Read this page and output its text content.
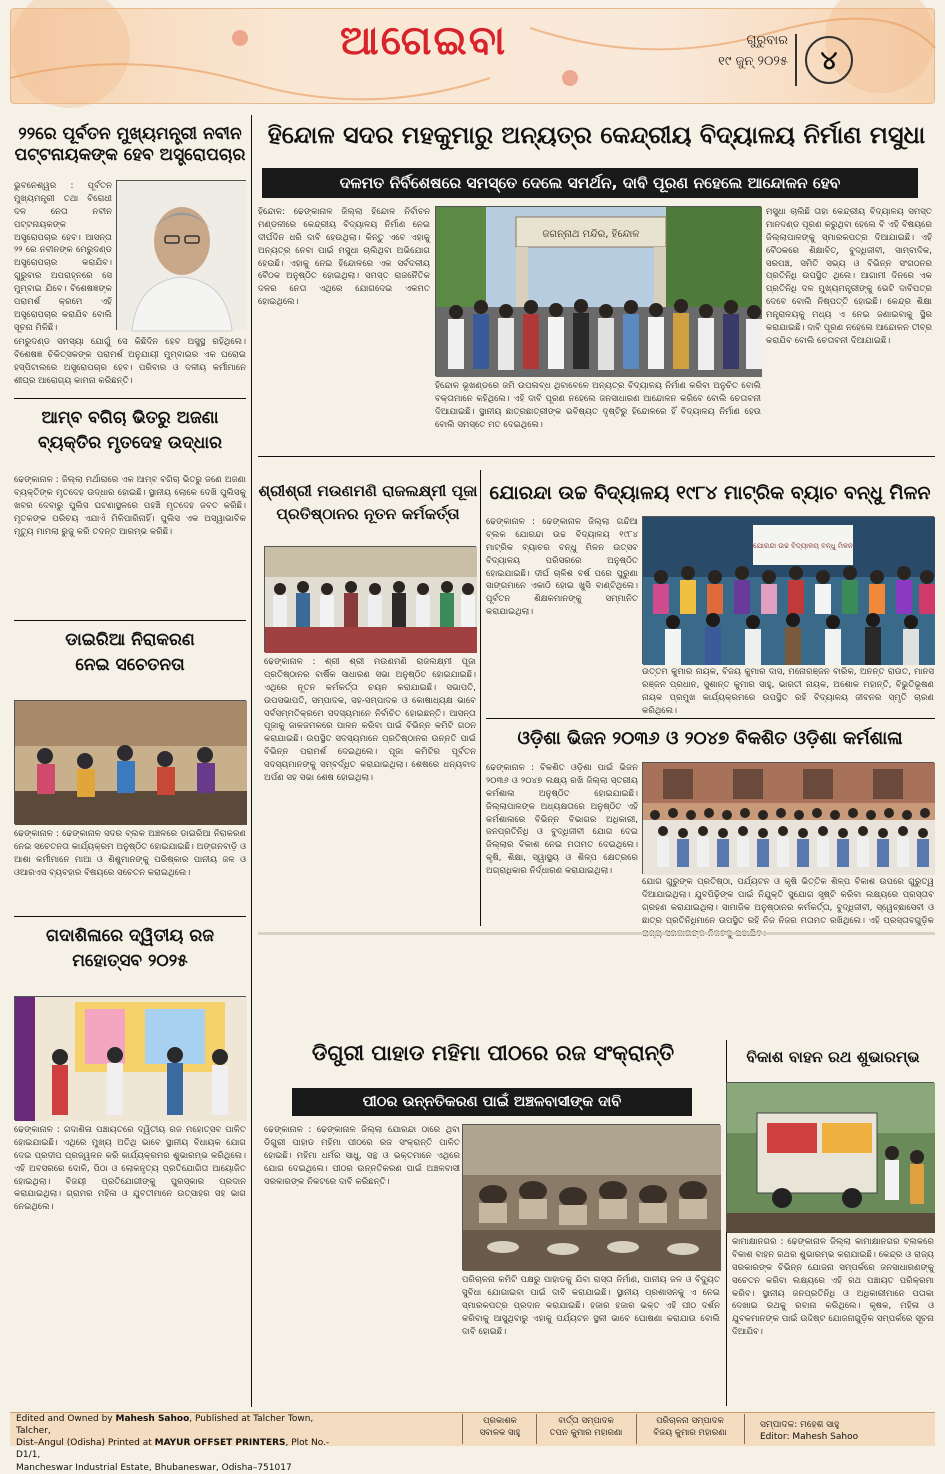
ଆଗେଇବା	ଗୁରୁବାର
୧୯ ଜୁନ୍ ୨୦୨୫	୪
୨୨ରେ ପୂର୍ବତନ ମୁଖ୍ୟମନ୍ତ୍ରୀ ନବୀନ
ପଟ୍ଟନାୟକଙ୍କ ହେବ ଅସ୍ତ୍ରୋପଚାର
ଭୁବନେଶ୍ୱର : ପୂର୍ବତନ ମୁଖ୍ୟମନ୍ତ୍ରୀ ତଥା ବିରୋଧୀ ଦଳ ନେତା ନବୀନ ପଟ୍ଟନାୟକଙ୍କ ଅସ୍ତ୍ରୋପଚାର ହେବ। ଆସନ୍ତା ୨୨ ରେ ନବୀନଙ୍କ ମେରୁଦଣ୍ଡ ଅସ୍ତ୍ରୋପଚାର କରାଯିବ। ଗୁରୁବାର ଅପରାହ୍ନରେ ସେ ମୁମ୍ବାଇ ଯିବେ। ବିଶେଷଜ୍ଞଙ୍କ ପରାମର୍ଶ କ୍ରମେ ଏହି ଅସ୍ତ୍ରୋପଚାର କରାଯିବ ବୋଲି ସୂଚନା ମିଳିଛି।
ମେରୁଦଣ୍ଡ ସମସ୍ୟା ଯୋଗୁଁ ସେ କିଛିଦିନ ହେବ ଅସୁସ୍ଥ ରହିଥିଲେ। ବିଶେଷଜ୍ଞ ଚିକିତ୍ସକଙ୍କ ପରାମର୍ଶ ଅନୁଯାୟୀ ମୁମ୍ବାଇର ଏକ ଘରୋଇ ହସ୍ପିଟାଲରେ ଅସ୍ତ୍ରୋପଚାର ହେବ। ପରିବାର ଓ ଦଳୀୟ କର୍ମୀମାନେ ଶୀଘ୍ର ଆରୋଗ୍ୟ କାମନା କରିଛନ୍ତି।
ଆମ୍ବ ବଗିଚା ଭିତରୁ ଅଜଣା
ବ୍ୟକ୍ତିର ମୃତଦେହ ଉଦ୍ଧାର
ଢେଙ୍କାନାଳ : ଜିଲ୍ଲା ମର୍ଥାରାରେ ଏକ ଆମ୍ବ ବଗିଚା ଭିତରୁ ଜଣେ ଅଜଣା ବ୍ୟକ୍ତିଙ୍କ ମୃତଦେହ ଉଦ୍ଧାର ହୋଇଛି। ସ୍ଥାନୀୟ ଲୋକେ ଦେଖି ପୁଲିସକୁ ଖବର ଦେବାରୁ ପୁଲିସ ଘଟଣାସ୍ଥଳରେ ପହଞ୍ଚି ମୃତଦେହ ଜବତ କରିଛି। ମୃତକଙ୍କ ପରିଚୟ ଏଯାଏଁ ମିଳିପାରିନାହିଁ। ପୁଲିସ ଏକ ଅସ୍ୱାଭାବିକ ମୃତ୍ୟୁ ମାମଲା ରୁଜୁ କରି ତଦନ୍ତ ଆରମ୍ଭ କରିଛି।
ଡାଇରିଆ ନିରାକରଣ
ନେଇ ସଚେତନତା
ଢେଙ୍କାନାଳ : ଢେଙ୍କାନାଳ ସଦର ବ୍ଲକ ଅଞ୍ଚଳରେ ଡାଇରିଆ ନିରାକରଣ ନେଇ ସଚେତନତା କାର୍ଯ୍ୟକ୍ରମ ଅନୁଷ୍ଠିତ ହୋଇଯାଇଛି। ଅଙ୍ଗନବାଡ଼ି ଓ ଆଶା କର୍ମୀମାନେ ମାଆ ଓ ଶିଶୁମାନଙ୍କୁ ପରିଷ୍କାର ପାନୀୟ ଜଳ ଓ ଓଆରଏସ ବ୍ୟବହାର ବିଷୟରେ ସଚେତନ କରାଇଥିଲେ।
ଗଦାଶିଳାରେ ଦ୍ୱିତୀୟ ରଜ
ମହୋତ୍ସବ ୨୦୨୫
ଢେଙ୍କାନାଳ : ଗଦାଶିଳା ପଞ୍ଚାୟତରେ ଦ୍ୱିତୀୟ ରଜ ମହୋତ୍ସବ ପାଳିତ ହୋଇଯାଇଛି। ଏଥିରେ ମୁଖ୍ୟ ଅତିଥି ଭାବେ ସ୍ଥାନୀୟ ବିଧାୟକ ଯୋଗ ଦେଇ ପ୍ରଦୀପ ପ୍ରଜ୍ୱଳନ କରି କାର୍ଯ୍ୟକ୍ରମର ଶୁଭାରମ୍ଭ କରିଥିଲେ। ଏହି ଅବସରରେ ଦୋଳି, ପିଠା ଓ ଲୋକନୃତ୍ୟ ପ୍ରତିଯୋଗିତା ଆୟୋଜିତ ହୋଇଥିଲା। ବିଜୟୀ ପ୍ରତିଯୋଗୀଙ୍କୁ ପୁରସ୍କାର ପ୍ରଦାନ କରାଯାଇଥିଲା। ଗ୍ରାମର ମହିଳା ଓ ଯୁବତୀମାନେ ଉତ୍ସାହର ସହ ଭାଗ ନେଇଥିଲେ।
ହିନ୍ଦୋଳ ସଦର ମହକୁମାରୁ ଅନ୍ୟତ୍ର କେନ୍ଦ୍ରୀୟ ବିଦ୍ୟାଳୟ ନିର୍ମାଣ ମସୁଧା
ଦଳମତ ନିର୍ବିଶେଷରେ ସମସ୍ତେ ଦେଲେ ସମର୍ଥନ, ଦାବି ପୂରଣ ନହେଲେ ଆନ୍ଦୋଳନ ହେବ
ହିନ୍ଦୋଳ: ଢେଙ୍କାନାଳ ଜିଲ୍ଲା ହିନ୍ଦୋଳ ନିର୍ବାଚନ ମଣ୍ଡଳୀରେ କେନ୍ଦ୍ରୀୟ ବିଦ୍ୟାଳୟ ନିର୍ମାଣ ନେଇ ଦୀର୍ଘଦିନ ଧରି ଦାବି ହେଉଥିଲା। କିନ୍ତୁ ଏବେ ଏହାକୁ ଅନ୍ୟତ୍ର ନେବା ପାଇଁ ମସୁଧା ଚାଲିଥିବା ଅଭିଯୋଗ ହେଉଛି। ଏହାକୁ ନେଇ ହିନ୍ଦୋଳରେ ଏକ ସର୍ବଦଳୀୟ ବୈଠକ ଅନୁଷ୍ଠିତ ହୋଇଥିଲା। ସମସ୍ତ ରାଜନୈତିକ ଦଳର ନେତା ଏଥିରେ ଯୋଗଦେଇ ଏକମତ ହୋଇଥିଲେ।
ଜଗନ୍ନାଥ ମନ୍ଦିର, ହିନ୍ଦୋଳ
ହିନ୍ଦୋଳ ଭୂଖଣ୍ଡରେ ଜମି ଉପଲବ୍ଧ ଥିବାବେଳେ ଅନ୍ୟତ୍ର ବିଦ୍ୟାଳୟ ନିର୍ମାଣ କରିବା ଅନୁଚିତ ବୋଲି ବକ୍ତାମାନେ କହିଥିଲେ। ଏହି ଦାବି ପୂରଣ ନହେଲେ ଜନସାଧାରଣ ଆନ୍ଦୋଳନ କରିବେ ବୋଲି ଚେତାବନୀ ଦିଆଯାଇଛି। ସ୍ଥାନୀୟ ଛାତ୍ରଛାତ୍ରୀଙ୍କ ଭବିଷ୍ୟତ ଦୃଷ୍ଟିରୁ ହିନ୍ଦୋଳରେ ହିଁ ବିଦ୍ୟାଳୟ ନିର୍ମାଣ ହେଉ ବୋଲି ସମସ୍ତେ ମତ ଦେଇଥିଲେ।
ମସୁଧା ଚାଲିଛି ତାହା କେନ୍ଦ୍ରୀୟ ବିଦ୍ୟାଳୟ ସମସ୍ତ ମାନଦଣ୍ଡ ପୂରଣ କରୁଥିବା ହେଲେ ବି ଏହି ବିଷୟରେ ଜିଲ୍ଲାପାଳଙ୍କୁ ସ୍ମାରକପତ୍ର ଦିଆଯାଇଛି। ଏହି ବୈଠକରେ ଶିକ୍ଷାବିତ୍, ବୁଦ୍ଧିଜୀବୀ, ସାମ୍ବାଦିକ, ସରପଞ୍ଚ, ସମିତି ସଭ୍ୟ ଓ ବିଭିନ୍ନ ସଂଗଠନର ପ୍ରତିନିଧି ଉପସ୍ଥିତ ଥିଲେ। ଆଗାମୀ ଦିନରେ ଏକ ପ୍ରତିନିଧି ଦଳ ମୁଖ୍ୟମନ୍ତ୍ରୀଙ୍କୁ ଭେଟି ଦାବିପତ୍ର ଦେବେ ବୋଲି ନିଷ୍ପତ୍ତି ହୋଇଛି। କେନ୍ଦ୍ର ଶିକ୍ଷା ମନ୍ତ୍ରାଳୟକୁ ମଧ୍ୟ ଏ ନେଇ ଜଣାଇବାକୁ ସ୍ଥିର କରାଯାଇଛି। ଦାବି ପୂରଣ ନହେଲେ ଆନ୍ଦୋଳନ ତୀବ୍ର କରାଯିବ ବୋଲି ଚେତାବନୀ ଦିଆଯାଇଛି।
ଶ୍ରୀଶ୍ରୀ ମଉଣମଣି ରାଜଲକ୍ଷ୍ମୀ ପୂଜା
ପ୍ରତିଷ୍ଠାନର ନୂତନ କର୍ମକର୍ତ୍ତା
ଢେଙ୍କାନାଳ : ଶ୍ରୀ ଶ୍ରୀ ମଉଣମଣି ରାଜଲକ୍ଷ୍ମୀ ପୂଜା ପ୍ରତିଷ୍ଠାନର ବାର୍ଷିକ ସାଧାରଣ ସଭା ଅନୁଷ୍ଠିତ ହୋଇଯାଇଛି। ଏଥିରେ ନୂତନ କର୍ମକର୍ତ୍ତା ଚୟନ କରାଯାଇଛି। ସଭାପତି, ଉପସଭାପତି, ସମ୍ପାଦକ, ସହ-ସମ୍ପାଦକ ଓ କୋଷାଧ୍ୟକ୍ଷ ଭାବେ ସର୍ବସମ୍ମତିକ୍ରମେ ସଦସ୍ୟମାନେ ନିର୍ବାଚିତ ହୋଇଛନ୍ତି। ଆସନ୍ତା ପୂଜାକୁ ଜାକଜମକରେ ପାଳନ କରିବା ପାଇଁ ବିଭିନ୍ନ କମିଟି ଗଠନ କରାଯାଇଛି। ଉପସ୍ଥିତ ସଦସ୍ୟମାନେ ପ୍ରତିଷ୍ଠାନର ଉନ୍ନତି ପାଇଁ ବିଭିନ୍ନ ପରାମର୍ଶ ଦେଇଥିଲେ। ପୂଜା କମିଟିର ପୂର୍ବତନ ସଦସ୍ୟମାନଙ୍କୁ ସମ୍ବର୍ଦ୍ଧିତ କରାଯାଇଥିଲା। ଶେଷରେ ଧନ୍ୟବାଦ ଅର୍ପଣ ସହ ସଭା ଶେଷ ହୋଇଥିଲା।
ଯୋରନ୍ଦା ଉଚ୍ଚ ବିଦ୍ୟାଳୟ ୧୯୮୪ ମାଟ୍ରିକ ବ୍ୟାଚ ବନ୍ଧୁ ମିଳନ
ଢେଙ୍କାନାଳ : ଢେଙ୍କାନାଳ ଜିଲ୍ଲା ଗନ୍ଦିଆ ବ୍ଲକ ଯୋରନ୍ଦା ଉଚ୍ଚ ବିଦ୍ୟାଳୟ ୧୯୮୪ ମାଟ୍ରିକ ବ୍ୟାଚର ବନ୍ଧୁ ମିଳନ ଉତ୍ସବ ବିଦ୍ୟାଳୟ ପରିସରରେ ଅନୁଷ୍ଠିତ ହୋଇଯାଇଛି। ଦୀର୍ଘ ଚାଳିଶ ବର୍ଷ ପରେ ପୁରୁଣା ସାଙ୍ଗମାନେ ଏକାଠି ହୋଇ ଖୁସି ବାଣ୍ଟିଥିଲେ। ପୂର୍ବତନ ଶିକ୍ଷକମାନଙ୍କୁ ସମ୍ମାନିତ କରାଯାଇଥିଲା।
ଯୋରନ୍ଦା ଉଚ୍ଚ ବିଦ୍ୟାଳୟ ବନ୍ଧୁ ମିଳନ
ଉତ୍ତମ କୁମାର ନାୟକ, ବିଜୟ କୁମାର ଦାସ, ମନୋରଞ୍ଜନ ବାରିକ, ଅନନ୍ତ ରାଉତ, ମାନସ ରଞ୍ଜନ ପ୍ରଧାନ, ସୁଶାନ୍ତ କୁମାର ସାହୁ, ଭାରତୀ ନାୟକ, ଅଶୋକ ମହାନ୍ତି, ବିଭୁତିଭୂଷଣ ନାୟକ ପ୍ରମୁଖ କାର୍ଯ୍ୟକ୍ରମରେ ଉପସ୍ଥିତ ରହି ବିଦ୍ୟାଳୟ ଜୀବନର ସ୍ମୃତି ଚାରଣ କରିଥିଲେ।
ଓଡ଼ିଶା ଭିଜନ ୨୦୩୬ ଓ ୨୦୪୭ ବିକଶିତ ଓଡ଼ିଶା କର୍ମଶାଳା
ଢେଙ୍କାନାଳ : ବିକଶିତ ଓଡ଼ିଶା ପାଇଁ ଭିଜନ ୨୦୩୬ ଓ ୨୦୪୭ ଲକ୍ଷ୍ୟ ରଖି ଜିଲ୍ଲା ସ୍ତରୀୟ କର୍ମଶାଳା ଅନୁଷ୍ଠିତ ହୋଇଯାଇଛି। ଜିଲ୍ଲାପାଳଙ୍କ ଅଧ୍ୟକ୍ଷତାରେ ଅନୁଷ୍ଠିତ ଏହି କର୍ମଶାଳାରେ ବିଭିନ୍ନ ବିଭାଗର ଅଧିକାରୀ, ଜନପ୍ରତିନିଧି ଓ ବୁଦ୍ଧିଜୀବୀ ଯୋଗ ଦେଇ ଜିଲ୍ଲାର ବିକାଶ ନେଇ ମତାମତ ଦେଇଥିଲେ। କୃଷି, ଶିକ୍ଷା, ସ୍ୱାସ୍ଥ୍ୟ ଓ ଶିଳ୍ପ କ୍ଷେତ୍ରରେ ଅଗ୍ରାଧିକାର ନିର୍ଦ୍ଧାରଣ କରାଯାଇଥିଲା।
ଯୋଗ ଗୁରୁଙ୍କ ପ୍ରତିଷ୍ଠା, ପର୍ଯ୍ୟଟନ ଓ କୃଷି ଭିତ୍ତିକ ଶିଳ୍ପ ବିକାଶ ଉପରେ ଗୁରୁତ୍ୱ ଦିଆଯାଇଥିଲା। ଯୁବପିଢ଼ିଙ୍କ ପାଇଁ ନିଯୁକ୍ତି ସୁଯୋଗ ସୃଷ୍ଟି କରିବା ଲକ୍ଷ୍ୟରେ ପ୍ରସ୍ତାବ ଗ୍ରହଣ କରାଯାଇଥିଲା। ସାମାଜିକ ଅନୁଷ୍ଠାନର କର୍ମକର୍ତ୍ତା, ବୁଦ୍ଧିଜୀବୀ, ସ୍ୱେଚ୍ଛାସେବୀ ଓ ଛାତ୍ର ପ୍ରତିନିଧିମାନେ ଉପସ୍ଥିତ ରହି ନିଜ ନିଜର ମତାମତ ରଖିଥିଲେ। ଏହି ପ୍ରସ୍ତାବଗୁଡ଼ିକ
ଡିଗୁରୀ ପାହାଡ ମହିମା ପୀଠରେ ରଜ ସଂକ୍ରାନ୍ତି
ପୀଠର ଉନ୍ନତିକରଣ ପାଇଁ ଅଞ୍ଚଳବାସୀଙ୍କ ଦାବି
ଢେଙ୍କାନାଳ : ଢେଙ୍କାନାଳ ଜିଲ୍ଲା ଯୋରନ୍ଦା ଠାରେ ଥିବା ଡିଗୁରୀ ପାହାଡ ମହିମା ପୀଠରେ ରଜ ସଂକ୍ରାନ୍ତି ପାଳିତ ହୋଇଛି। ମହିମା ଧର୍ମର ସାଧୁ, ସନ୍ଥ ଓ ଭକ୍ତମାନେ ଏଥିରେ ଯୋଗ ଦେଇଥିଲେ। ପୀଠର ଉନ୍ନତିକରଣ ପାଇଁ ଅଞ୍ଚଳବାସୀ ସରକାରଙ୍କ ନିକଟରେ ଦାବି କରିଛନ୍ତି।
ପରିଚାଳନା କମିଟି ପକ୍ଷରୁ ପାହାଡକୁ ଯିବା ରାସ୍ତା ନିର୍ମାଣ, ପାନୀୟ ଜଳ ଓ ବିଦ୍ୟୁତ ସୁବିଧା ଯୋଗାଇବା ପାଇଁ ଦାବି କରାଯାଇଛି। ସ୍ଥାନୀୟ ପ୍ରଶାସନକୁ ଏ ନେଇ ସ୍ମାରକପତ୍ର ପ୍ରଦାନ କରାଯାଇଛି। ହଜାର ହଜାର ଭକ୍ତ ଏହି ପୀଠ ଦର୍ଶନ କରିବାକୁ ଆସୁଥିବାରୁ ଏହାକୁ ପର୍ଯ୍ୟଟନ ସ୍ଥଳୀ ଭାବେ ଘୋଷଣା କରାଯାଉ ବୋଲି ଦାବି ହୋଇଛି।
ବିକାଶ ବାହନ ରଥ ଶୁଭାରମ୍ଭ
କାମାକ୍ଷାନଗର : ଢେଙ୍କାନାଳ ଜିଲ୍ଲା କାମାକ୍ଷାନଗର ବ୍ଲକରେ ବିକାଶ ବାହନ ରଥର ଶୁଭାରମ୍ଭ କରାଯାଇଛି। କେନ୍ଦ୍ର ଓ ରାଜ୍ୟ ସରକାରଙ୍କ ବିଭିନ୍ନ ଯୋଜନା ସମ୍ପର୍କରେ ଜନସାଧାରଣଙ୍କୁ ସଚେତନ କରିବା ଲକ୍ଷ୍ୟରେ ଏହି ରଥ ପଞ୍ଚାୟତ ପରିକ୍ରମା କରିବ। ସ୍ଥାନୀୟ ଜନପ୍ରତିନିଧି ଓ ଅଧିକାରୀମାନେ ପତାକା ଦେଖାଇ ରଥକୁ ରବାନା କରିଥିଲେ। କୃଷକ, ମହିଳା ଓ ଯୁବକମାନଙ୍କ ପାଇଁ ଉଦ୍ଦିଷ୍ଟ ଯୋଜନାଗୁଡ଼ିକ ସମ୍ପର୍କରେ ସୂଚନା ଦିଆଯିବ।
Edited and Owned by Mahesh Sahoo, Published at Talcher Town, Talcher,
Dist–Angul (Odisha) Printed at MAYUR OFFSET PRINTERS, Plot No.-D1/1,
Mancheswar Industrial Estate, Bhubaneswar, Odisha–751017
ପ୍ରକାଶକ
ସବାଳକ ସାହୁ
ବାର୍ତ୍ତା ସମ୍ପାଦକ
ତପନ କୁମାର ମହାରଣା
ପରିଚାଳନା ସମ୍ପାଦକ
ବିଜୟ କୁମାର ମହାରଣା
ସମ୍ପାଦକ: ମହେଶ ସାହୁ
Editor: Mahesh Sahoo
